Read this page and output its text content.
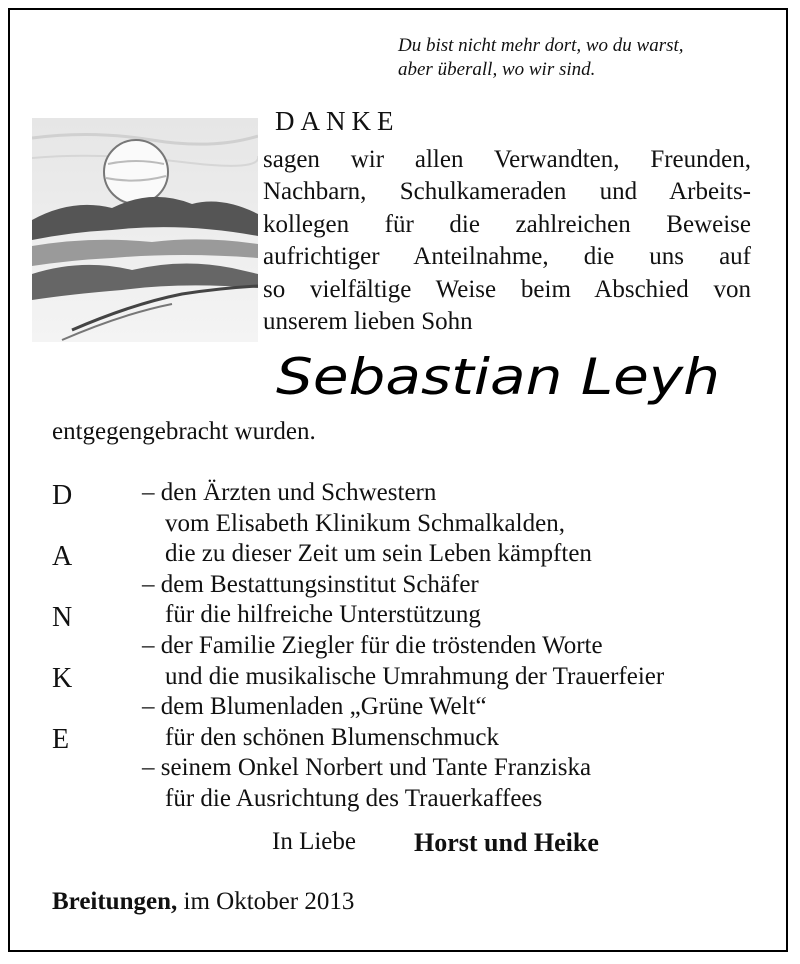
Du bist nicht mehr dort, wo du warst,
aber überall, wo wir sind.
DANKE
sagen wir allen Verwandten, Freunden,
Nachbarn, Schulkameraden und Arbeits-
kollegen für die zahlreichen Beweise
aufrichtiger Anteilnahme, die uns auf
so vielfältige Weise beim Abschied von
unserem lieben Sohn
Sebastian Leyh
entgegengebracht wurden.
D
A
N
K
E
– den Ärzten und Schwestern
vom Elisabeth Klinikum Schmalkalden,
die zu dieser Zeit um sein Leben kämpften
– dem Bestattungsinstitut Schäfer
für die hilfreiche Unterstützung
– der Familie Ziegler für die tröstenden Worte
und die musikalische Umrahmung der Trauerfeier
– dem Blumenladen „Grüne Welt“
für den schönen Blumenschmuck
– seinem Onkel Norbert und Tante Franziska
für die Ausrichtung des Trauerkaffees
In Liebe Horst und Heike
Breitungen, im Oktober 2013
